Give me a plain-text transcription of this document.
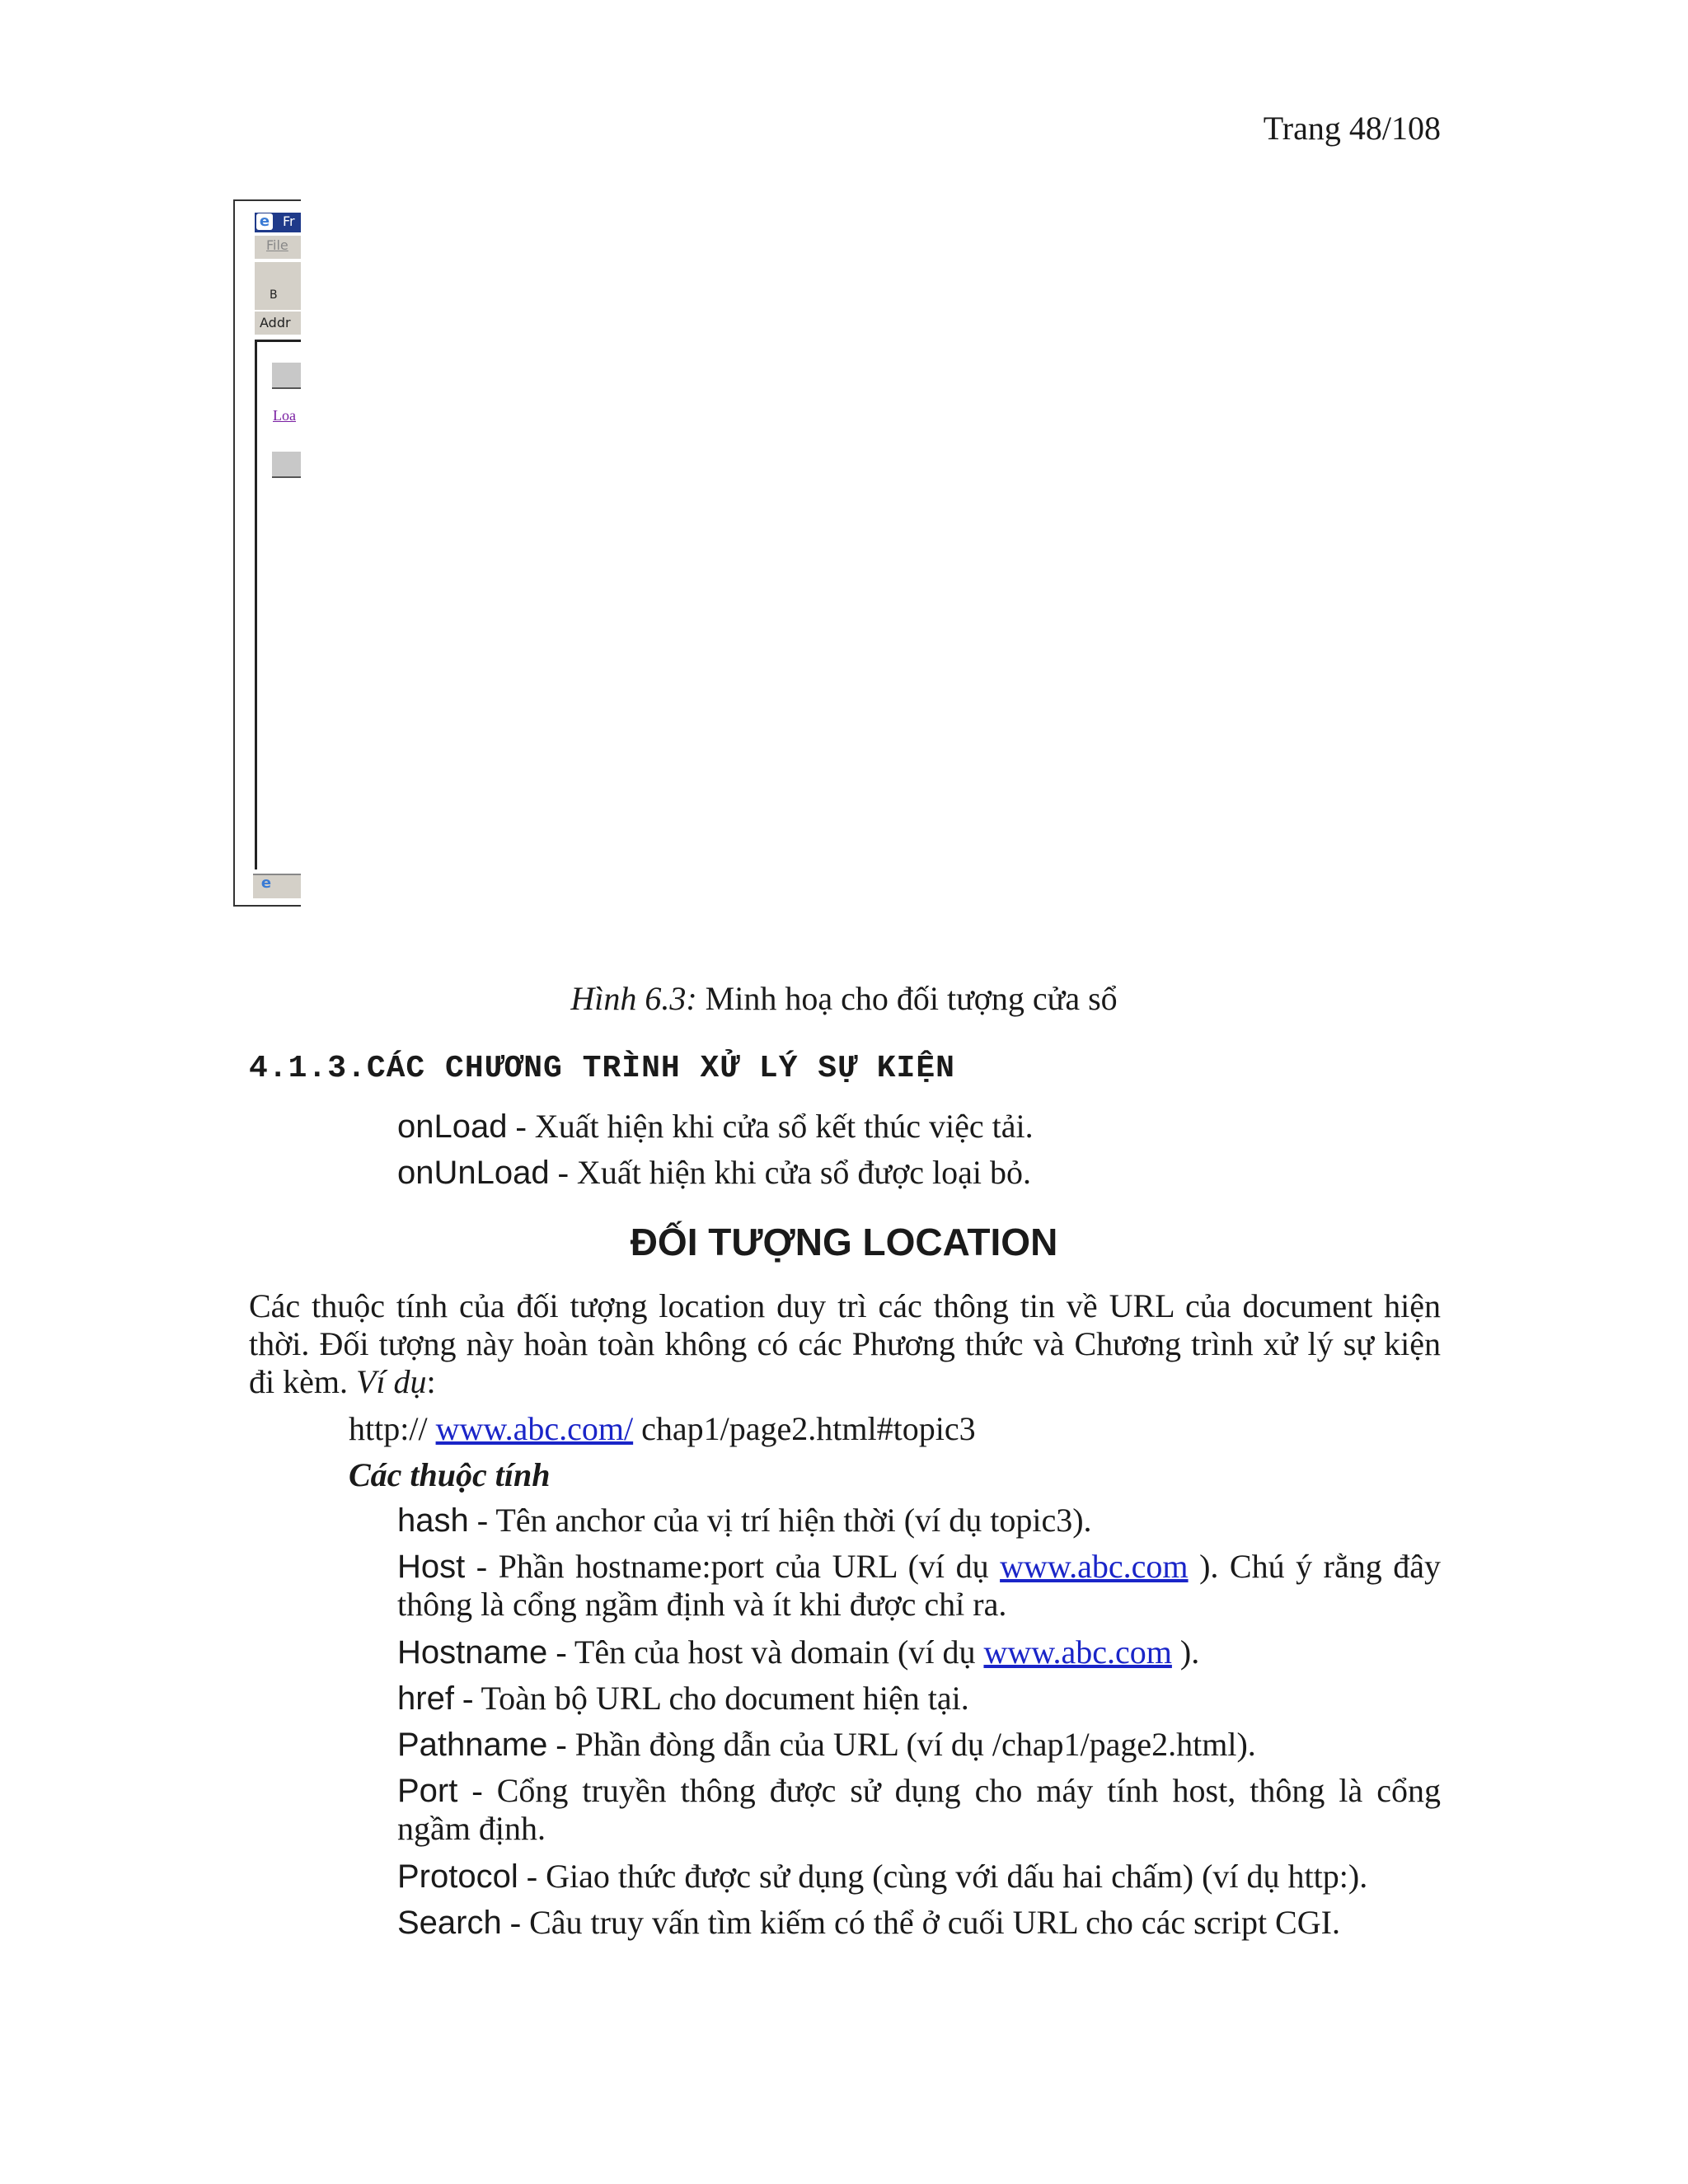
Trang 48/108
e Fr
File
B
Addr
Loa
e
Hình 6.3: Minh hoạ cho đối tượng cửa sổ
4.1.3.CÁC CHƯƠNG TRÌNH XỬ LÝ SỰ KIỆN
onLoad - Xuất hiện khi cửa sổ kết thúc việc tải.
onUnLoad - Xuất hiện khi cửa sổ được loại bỏ.
ĐỐI TƯỢNG LOCATION
Các thuộc tính của đối tượng location duy trì các thông tin về URL của document hiện thời. Đối tượng này hoàn toàn không có các Phương thức và Chương trình xử lý sự kiện đi kèm. Ví dụ:
http:// www.abc.com/ chap1/page2.html#topic3
Các thuộc tính
hash - Tên anchor của vị trí hiện thời (ví dụ topic3).
Host - Phần hostname:port của URL (ví dụ www.abc.com ). Chú ý rằng đây thông là cổng ngầm định và ít khi được chỉ ra.
Hostname - Tên của host và domain (ví dụ www.abc.com ).
href - Toàn bộ URL cho document hiện tại.
Pathname - Phần đòng dẫn của URL (ví dụ /chap1/page2.html).
Port - Cổng truyền thông được sử dụng cho máy tính host, thông là cổng ngầm định.
Protocol - Giao thức được sử dụng (cùng với dấu hai chấm) (ví dụ http:).
Search - Câu truy vấn tìm kiếm có thể ở cuối URL cho các script CGI.
